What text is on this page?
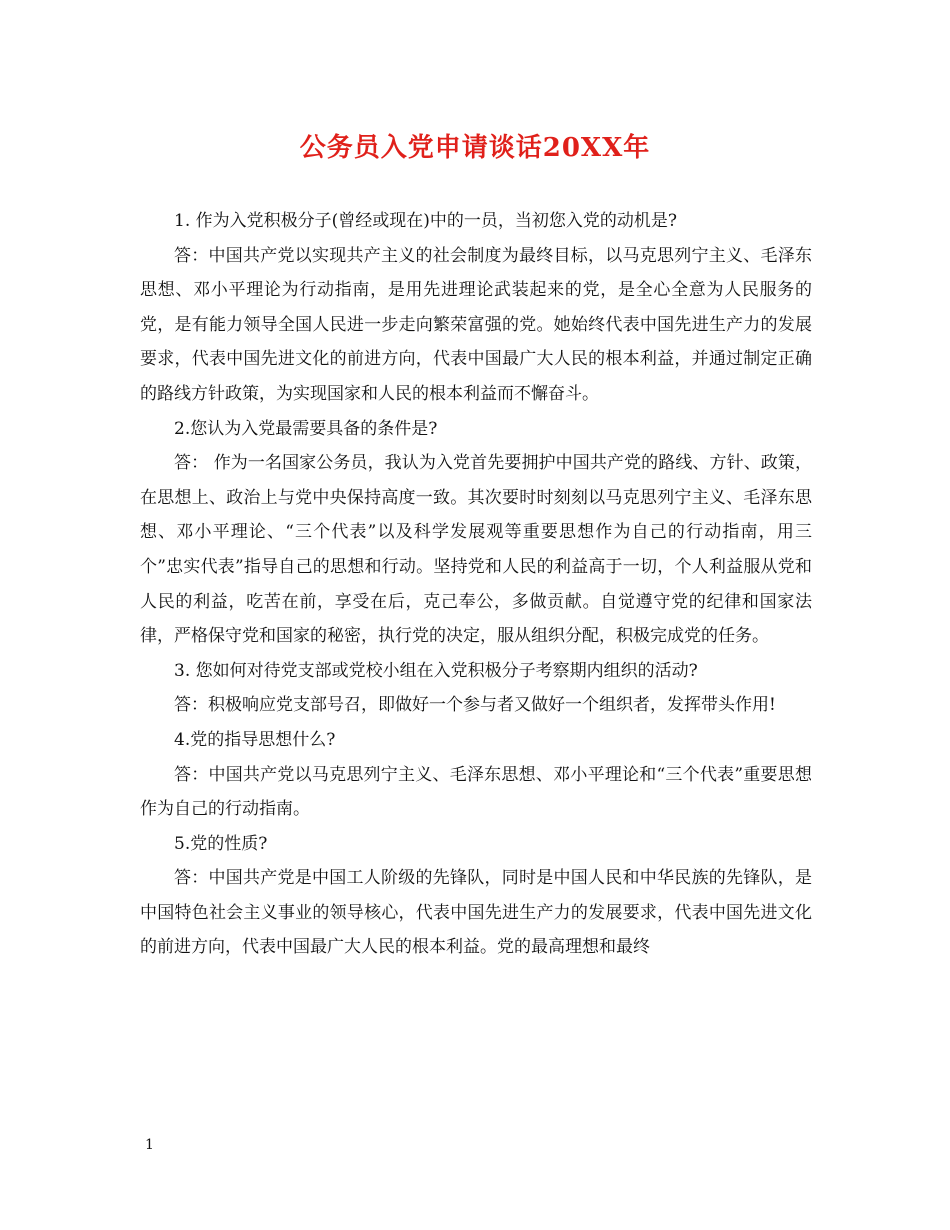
公务员入党申请谈话20XX年

1. 作为入党积极分子(曾经或现在)中的一员，当初您入党的动机是?

答：中国共产党以实现共产主义的社会制度为最终目标，以马克思列宁主义、毛泽东思想、邓小平理论为行动指南，是用先进理论武装起来的党，是全心全意为人民服务的党，是有能力领导全国人民进一步走向繁荣富强的党。她始终代表中国先进生产力的发展要求，代表中国先进文化的前进方向，代表中国最广大人民的根本利益，并通过制定正确的路线方针政策，为实现国家和人民的根本利益而不懈奋斗。

2.您认为入党最需要具备的条件是?

答： 作为一名国家公务员，我认为入党首先要拥护中国共产党的路线、方针、政策，在思想上、政治上与党中央保持高度一致。其次要时时刻刻以马克思列宁主义、毛泽东思想、邓小平理论、“三个代表”以及科学发展观等重要思想作为自己的行动指南，用三个”忠实代表”指导自己的思想和行动。坚持党和人民的利益高于一切，个人利益服从党和人民的利益，吃苦在前，享受在后，克己奉公，多做贡献。自觉遵守党的纪律和国家法律，严格保守党和国家的秘密，执行党的决定，服从组织分配，积极完成党的任务。

3. 您如何对待党支部或党校小组在入党积极分子考察期内组织的活动?

答：积极响应党支部号召，即做好一个参与者又做好一个组织者，发挥带头作用!

4.党的指导思想什么?

答：中国共产党以马克思列宁主义、毛泽东思想、邓小平理论和“三个代表”重要思想作为自己的行动指南。

5.党的性质?

答：中国共产党是中国工人阶级的先锋队，同时是中国人民和中华民族的先锋队，是中国特色社会主义事业的领导核心，代表中国先进生产力的发展要求，代表中国先进文化的前进方向，代表中国最广大人民的根本利益。党的最高理想和最终

1
